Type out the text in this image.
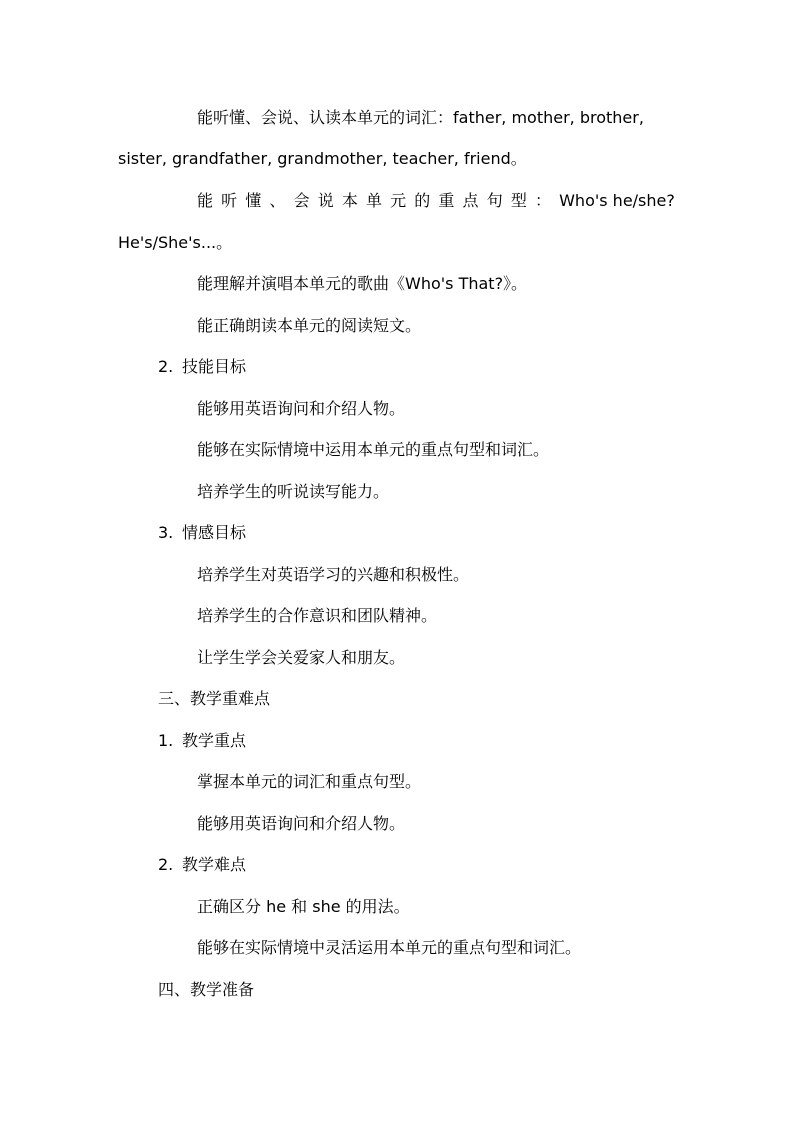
能听懂、会说、认读本单元的词汇：father, mother, brother,
sister, grandfather, grandmother, teacher, friend。
能 听 懂 、 会 说 本 单 元 的 重 点 句 型 ： Who's he/she?
He's/She's...。
能理解并演唱本单元的歌曲《Who's That?》。
能正确朗读本单元的阅读短文。
2. 技能目标
能够用英语询问和介绍人物。
能够在实际情境中运用本单元的重点句型和词汇。
培养学生的听说读写能力。
3. 情感目标
培养学生对英语学习的兴趣和积极性。
培养学生的合作意识和团队精神。
让学生学会关爱家人和朋友。
三、教学重难点
1. 教学重点
掌握本单元的词汇和重点句型。
能够用英语询问和介绍人物。
2. 教学难点
正确区分 he 和 she 的用法。
能够在实际情境中灵活运用本单元的重点句型和词汇。
四、教学准备
